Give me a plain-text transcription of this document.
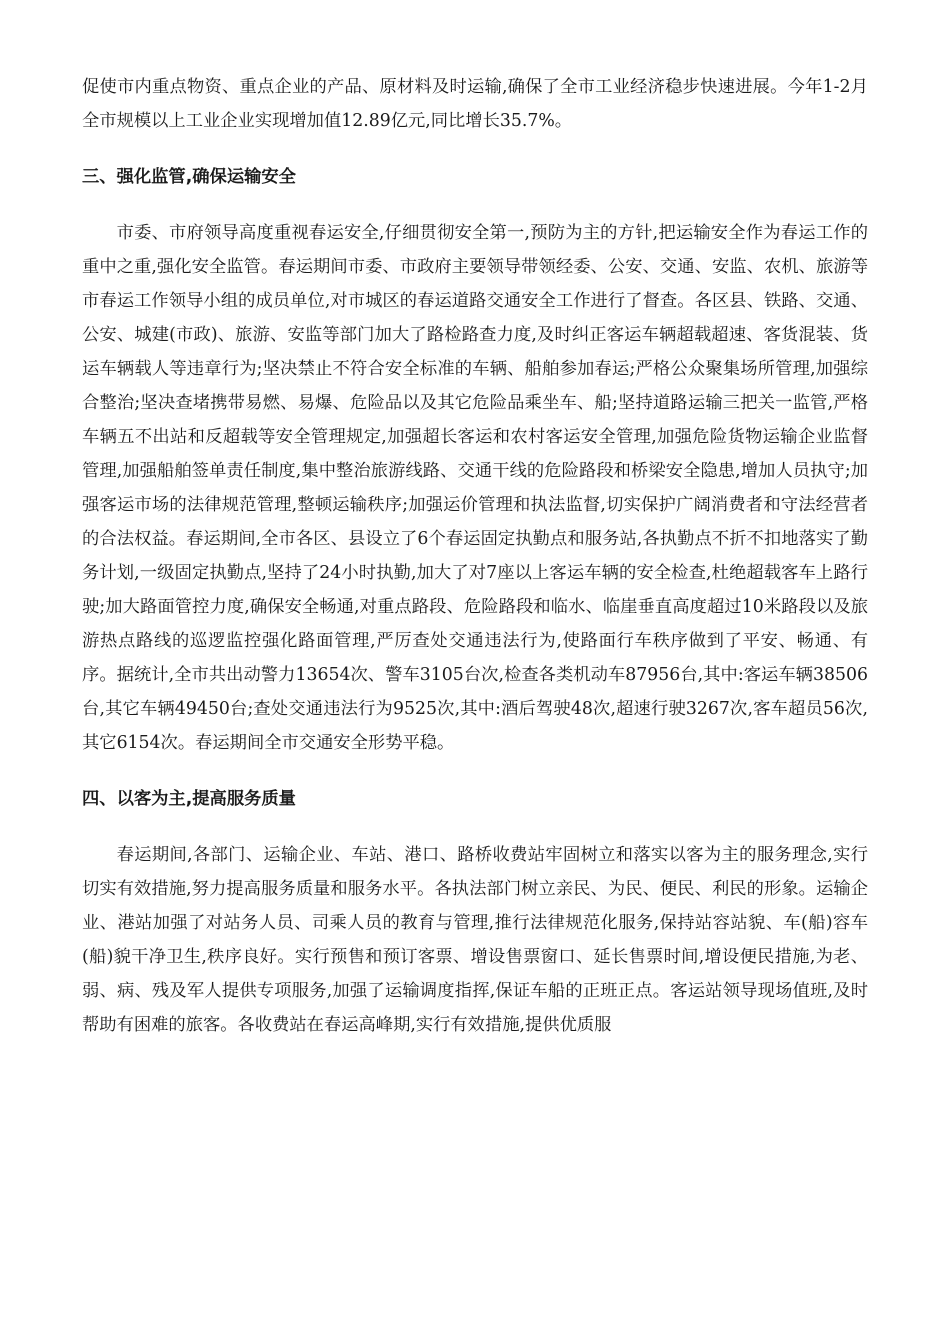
促使市内重点物资、重点企业的产品、原材料及时运输,确保了全市工业经济稳步快速进展。今年1-2月全市规模以上工业企业实现增加值12.89亿元,同比增长35.7%。

三、强化监管,确保运输安全

市委、市府领导高度重视春运安全,仔细贯彻安全第一,预防为主的方针,把运输安全作为春运工作的重中之重,强化安全监管。春运期间市委、市政府主要领导带领经委、公安、交通、安监、农机、旅游等市春运工作领导小组的成员单位,对市城区的春运道路交通安全工作进行了督查。各区县、铁路、交通、公安、城建(市政)、旅游、安监等部门加大了路检路查力度,及时纠正客运车辆超载超速、客货混装、货运车辆载人等违章行为;坚决禁止不符合安全标准的车辆、船舶参加春运;严格公众聚集场所管理,加强综合整治;坚决查堵携带易燃、易爆、危险品以及其它危险品乘坐车、船;坚持道路运输三把关一监管,严格车辆五不出站和反超载等安全管理规定,加强超长客运和农村客运安全管理,加强危险货物运输企业监督管理,加强船舶签单责任制度,集中整治旅游线路、交通干线的危险路段和桥梁安全隐患,增加人员执守;加强客运市场的法律规范管理,整顿运输秩序;加强运价管理和执法监督,切实保护广阔消费者和守法经营者的合法权益。春运期间,全市各区、县设立了6个春运固定执勤点和服务站,各执勤点不折不扣地落实了勤务计划,一级固定执勤点,坚持了24小时执勤,加大了对7座以上客运车辆的安全检查,杜绝超载客车上路行驶;加大路面管控力度,确保安全畅通,对重点路段、危险路段和临水、临崖垂直高度超过10米路段以及旅游热点路线的巡逻监控强化路面管理,严厉查处交通违法行为,使路面行车秩序做到了平安、畅通、有序。据统计,全市共出动警力13654次、警车3105台次,检查各类机动车87956台,其中:客运车辆38506台,其它车辆49450台;查处交通违法行为9525次,其中:酒后驾驶48次,超速行驶3267次,客车超员56次,其它6154次。春运期间全市交通安全形势平稳。

四、以客为主,提高服务质量

春运期间,各部门、运输企业、车站、港口、路桥收费站牢固树立和落实以客为主的服务理念,实行切实有效措施,努力提高服务质量和服务水平。各执法部门树立亲民、为民、便民、利民的形象。运输企业、港站加强了对站务人员、司乘人员的教育与管理,推行法律规范化服务,保持站容站貌、车(船)容车(船)貌干净卫生,秩序良好。实行预售和预订客票、增设售票窗口、延长售票时间,增设便民措施,为老、弱、病、残及军人提供专项服务,加强了运输调度指挥,保证车船的正班正点。客运站领导现场值班,及时帮助有困难的旅客。各收费站在春运高峰期,实行有效措施,提供优质服
